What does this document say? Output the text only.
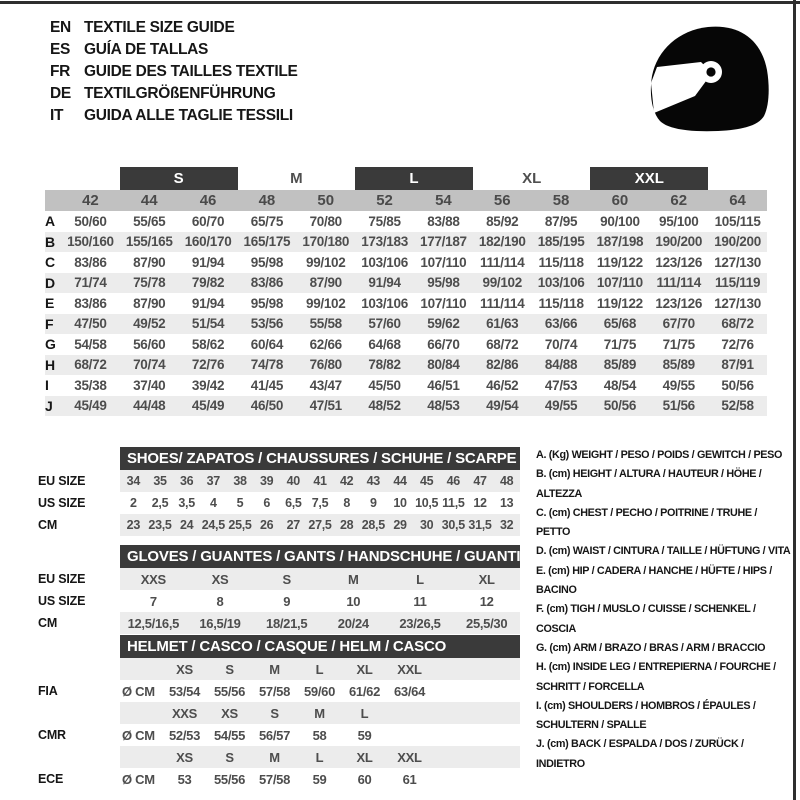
EN TEXTILE SIZE GUIDE
ES GUÍA DE TALLAS
FR GUIDE DES TAILLES TEXTILE
DE TEXTILGRÖßENFÜHRUNG
IT	GUIDA ALLE TAGLIE TESSILI
S	M	L	XL	XXL
42	44	46	48	50	52	54	56	58	60	62	64
A	50/60	55/65	60/70	65/75	70/80	75/85	83/88	85/92	87/95	90/100	95/100	105/115
B 150/160 155/165 160/170 165/175 170/180 173/183 177/187 182/190 185/195 187/198 190/200 190/200
C	83/86	87/90	91/94	95/98	99/102	103/106 107/110	111/114	115/118 119/122 123/126 127/130
D	71/74	75/78	79/82	83/86	87/90	91/94	95/98	99/102	103/106 107/110	111/114	115/119
E	83/86	87/90	91/94	95/98	99/102	103/106 107/110	111/114	115/118 119/122 123/126 127/130
F	47/50	49/52	51/54	53/56	55/58	57/60	59/62	61/63	63/66	65/68	67/70	68/72
G	54/58	56/60	58/62	60/64	62/66	64/68	66/70	68/72	70/74	71/75	71/75	72/76
H	68/72	70/74	72/76	74/78	76/80	78/82	80/84	82/86	84/88	85/89	85/89	87/91
I	35/38	37/40	39/42	41/45	43/47	45/50	46/51	46/52	47/53	48/54	49/55	50/56
J	45/49	44/48	45/49	46/50	47/51	48/52	48/53	49/54	49/55	50/56	51/56	52/58
SHOES/ ZAPATOS / CHAUSSURES / SCHUHE / SCARPE
EU SIZE	34	35	36	37	38	39	40	41	42	43	44	45	46	47	48
US SIZE	2	2,5 3,5	4	5	6	6,5 7,5	8	9	10 10,5 11,5 12	13
CM	23 23,5 24 24,5 25,5 26	27 27,5 28 28,5 29	30 30,5 31,5 32
GLOVES / GUANTES / GANTS / HANDSCHUHE / GUANTI
EU SIZE	XXS	XS	S	M	L	XL
US SIZE	7	8	9	10	11	12
CM	12,5/16,5	16,5/19	18/21,5	20/24	23/26,5	25,5/30
HELMET / CASCO / CASQUE / HELM / CASCO
XS	S	M	L	XL	XXL
FIA	Ø CM	53/54	55/56	57/58	59/60	61/62	63/64
XXS	XS	S	M	L
CMR	Ø CM	52/53	54/55	56/57	58	59
XS	S	M	L	XL	XXL
ECE	Ø CM	53	55/56	57/58	59	60	61
A. (Kg) WEIGHT / PESO / POIDS / GEWITCH / PESO
B. (cm) HEIGHT / ALTURA / HAUTEUR / HÖHE / ALTEZZA
C. (cm) CHEST / PECHO / POITRINE / TRUHE / PETTO
D. (cm) WAIST / CINTURA / TAILLE / HÜFTUNG / VITA
E. (cm) HIP / CADERA / HANCHE / HÜFTE / HIPS / BACINO
F. (cm) TIGH / MUSLO / CUISSE / SCHENKEL / COSCIA
G. (cm) ARM / BRAZO / BRAS / ARM / BRACCIO
H. (cm) INSIDE LEG / ENTREPIERNA / FOURCHE / SCHRITT / FORCELLA
I. (cm) SHOULDERS / HOMBROS / ÉPAULES / SCHULTERN / SPALLE
J. (cm) BACK / ESPALDA / DOS / ZURÜCK / INDIETRO
